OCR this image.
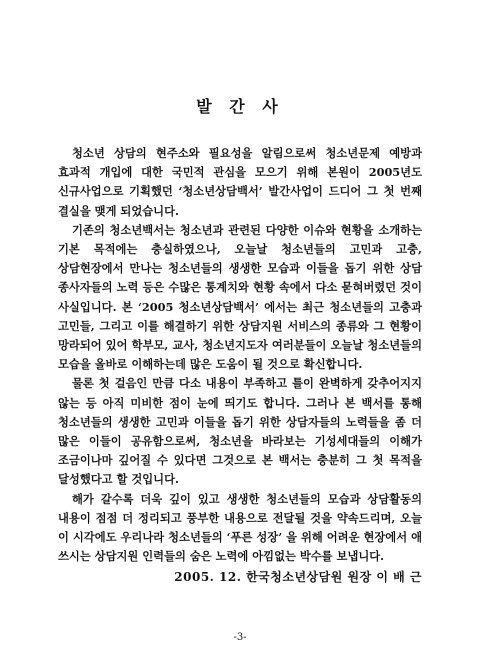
발 간 사

청소년 상담의 현주소와 필요성을 알림으로써 청소년문제 예방과 효과적 개입에 대한 국민적 관심을 모으기 위해 본원이 2005년도 신규사업으로 기획했던 ‘청소년상담백서’ 발간사업이 드디어 그 첫 번째 결실을 맺게 되었습니다.

기존의 청소년백서는 청소년과 관련된 다양한 이슈와 현황을 소개하는 기본 목적에는 충실하였으나, 오늘날 청소년들의 고민과 고충, 상담현장에서 만나는 청소년들의 생생한 모습과 이들을 돕기 위한 상담 종사자들의 노력 등은 수많은 통계치와 현황 속에서 다소 묻혀버렸던 것이 사실입니다. 본 ‘2005 청소년상담백서’ 에서는 최근 청소년들의 고충과 고민들, 그리고 이를 해결하기 위한 상담지원 서비스의 종류와 그 현황이 망라되어 있어 학부모, 교사, 청소년지도자 여러분들이 오늘날 청소년들의 모습을 올바로 이해하는데 많은 도움이 될 것으로 확신합니다.

물론 첫 걸음인 만큼 다소 내용이 부족하고 틀이 완벽하게 갖추어지지 않는 등 아직 미비한 점이 눈에 띄기도 합니다. 그러나 본 백서를 통해 청소년들의 생생한 고민과 이들을 돕기 위한 상담자들의 노력들을 좀 더 많은 이들이 공유함으로써, 청소년을 바라보는 기성세대들의 이해가 조금이나마 깊어질 수 있다면 그것으로 본 백서는 충분히 그 첫 목적을 달성했다고 할 것입니다.

해가 갈수록 더욱 깊이 있고 생생한 청소년들의 모습과 상담활동의 내용이 점점 더 정리되고 풍부한 내용으로 전달될 것을 약속드리며, 오늘 이 시각에도 우리나라 청소년들의 ‘푸른 성장’ 을 위해 어려운 현장에서 애 쓰시는 상담지원 인력들의 숨은 노력에 아낌없는 박수를 보냅니다.

2005. 12. 한국청소년상담원 원장 이 배 근
-3-
